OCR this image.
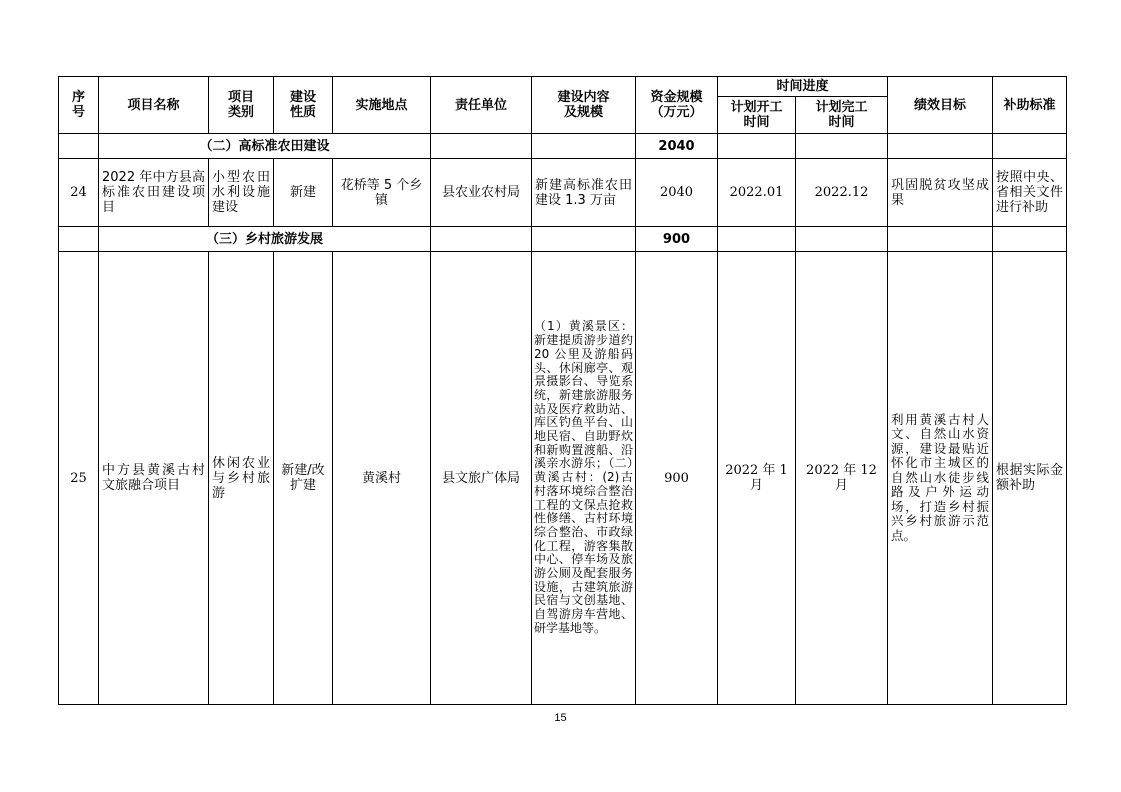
序号	项目名称	项目类别	建设性质	实施地点	责任单位	建设内容及规模	资金规模（万元）	时间进度		绩效目标	补助标准
								计划开工时间	计划完工时间		
	（二）高标准农田建设						2040				
24	2022 年中方县高标准农田建设项目	小型农田水利设施建设	新建	花桥等 5 个乡镇	县农业农村局	新建高标准农田建设 1.3 万亩	2040	2022.01	2022.12	巩固脱贫攻坚成果	按照中央、省相关文件进行补助
	（三）乡村旅游发展						900				
25	中方县黄溪古村文旅融合项目	休闲农业与乡村旅游	新建/改扩建	黄溪村	县文旅广体局	（1）黄溪景区：新建提质游步道约 20 公里及游船码头、休闲廊亭、观景摄影台、导览系统，新建旅游服务站及医疗救助站、库区钓鱼平台、山地民宿、自助野炊和新购置渡船、沿溪亲水游乐；（二）黄溪古村：(2)古村落环境综合整治工程的文保点抢救性修缮、古村环境综合整治、市政绿化工程，游客集散中心、停车场及旅游公厕及配套服务设施，古建筑旅游民宿与文创基地、自驾游房车营地、研学基地等。	900	2022 年 1 月	2022 年 12 月	利用黄溪古村人文、自然山水资源，建设最贴近怀化市主城区的自然山水徒步线路及户外运动场，打造乡村振兴乡村旅游示范点。	根据实际金额补助
15
